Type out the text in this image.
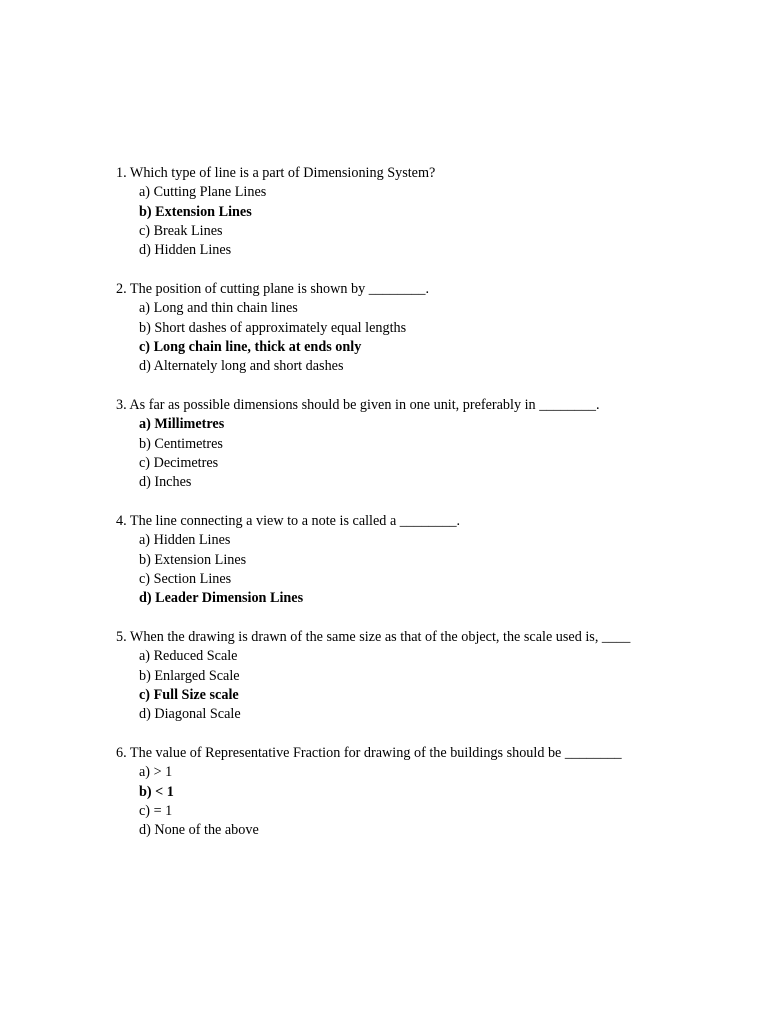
1. Which type of line is a part of Dimensioning System?
a) Cutting Plane Lines
b) Extension Lines
c) Break Lines
d) Hidden Lines
2. The position of cutting plane is shown by ________.
a) Long and thin chain lines
b) Short dashes of approximately equal lengths
c) Long chain line, thick at ends only
d) Alternately long and short dashes
3. As far as possible dimensions should be given in one unit, preferably in ________.
a) Millimetres
b) Centimetres
c) Decimetres
d) Inches
4. The line connecting a view to a note is called a ________.
a) Hidden Lines
b) Extension Lines
c) Section Lines
d) Leader Dimension Lines
5. When the drawing is drawn of the same size as that of the object, the scale used is, ____
a) Reduced Scale
b) Enlarged Scale
c) Full Size scale
d) Diagonal Scale
6. The value of Representative Fraction for drawing of the buildings should be ________
a) > 1
b) < 1
c) = 1
d) None of the above
